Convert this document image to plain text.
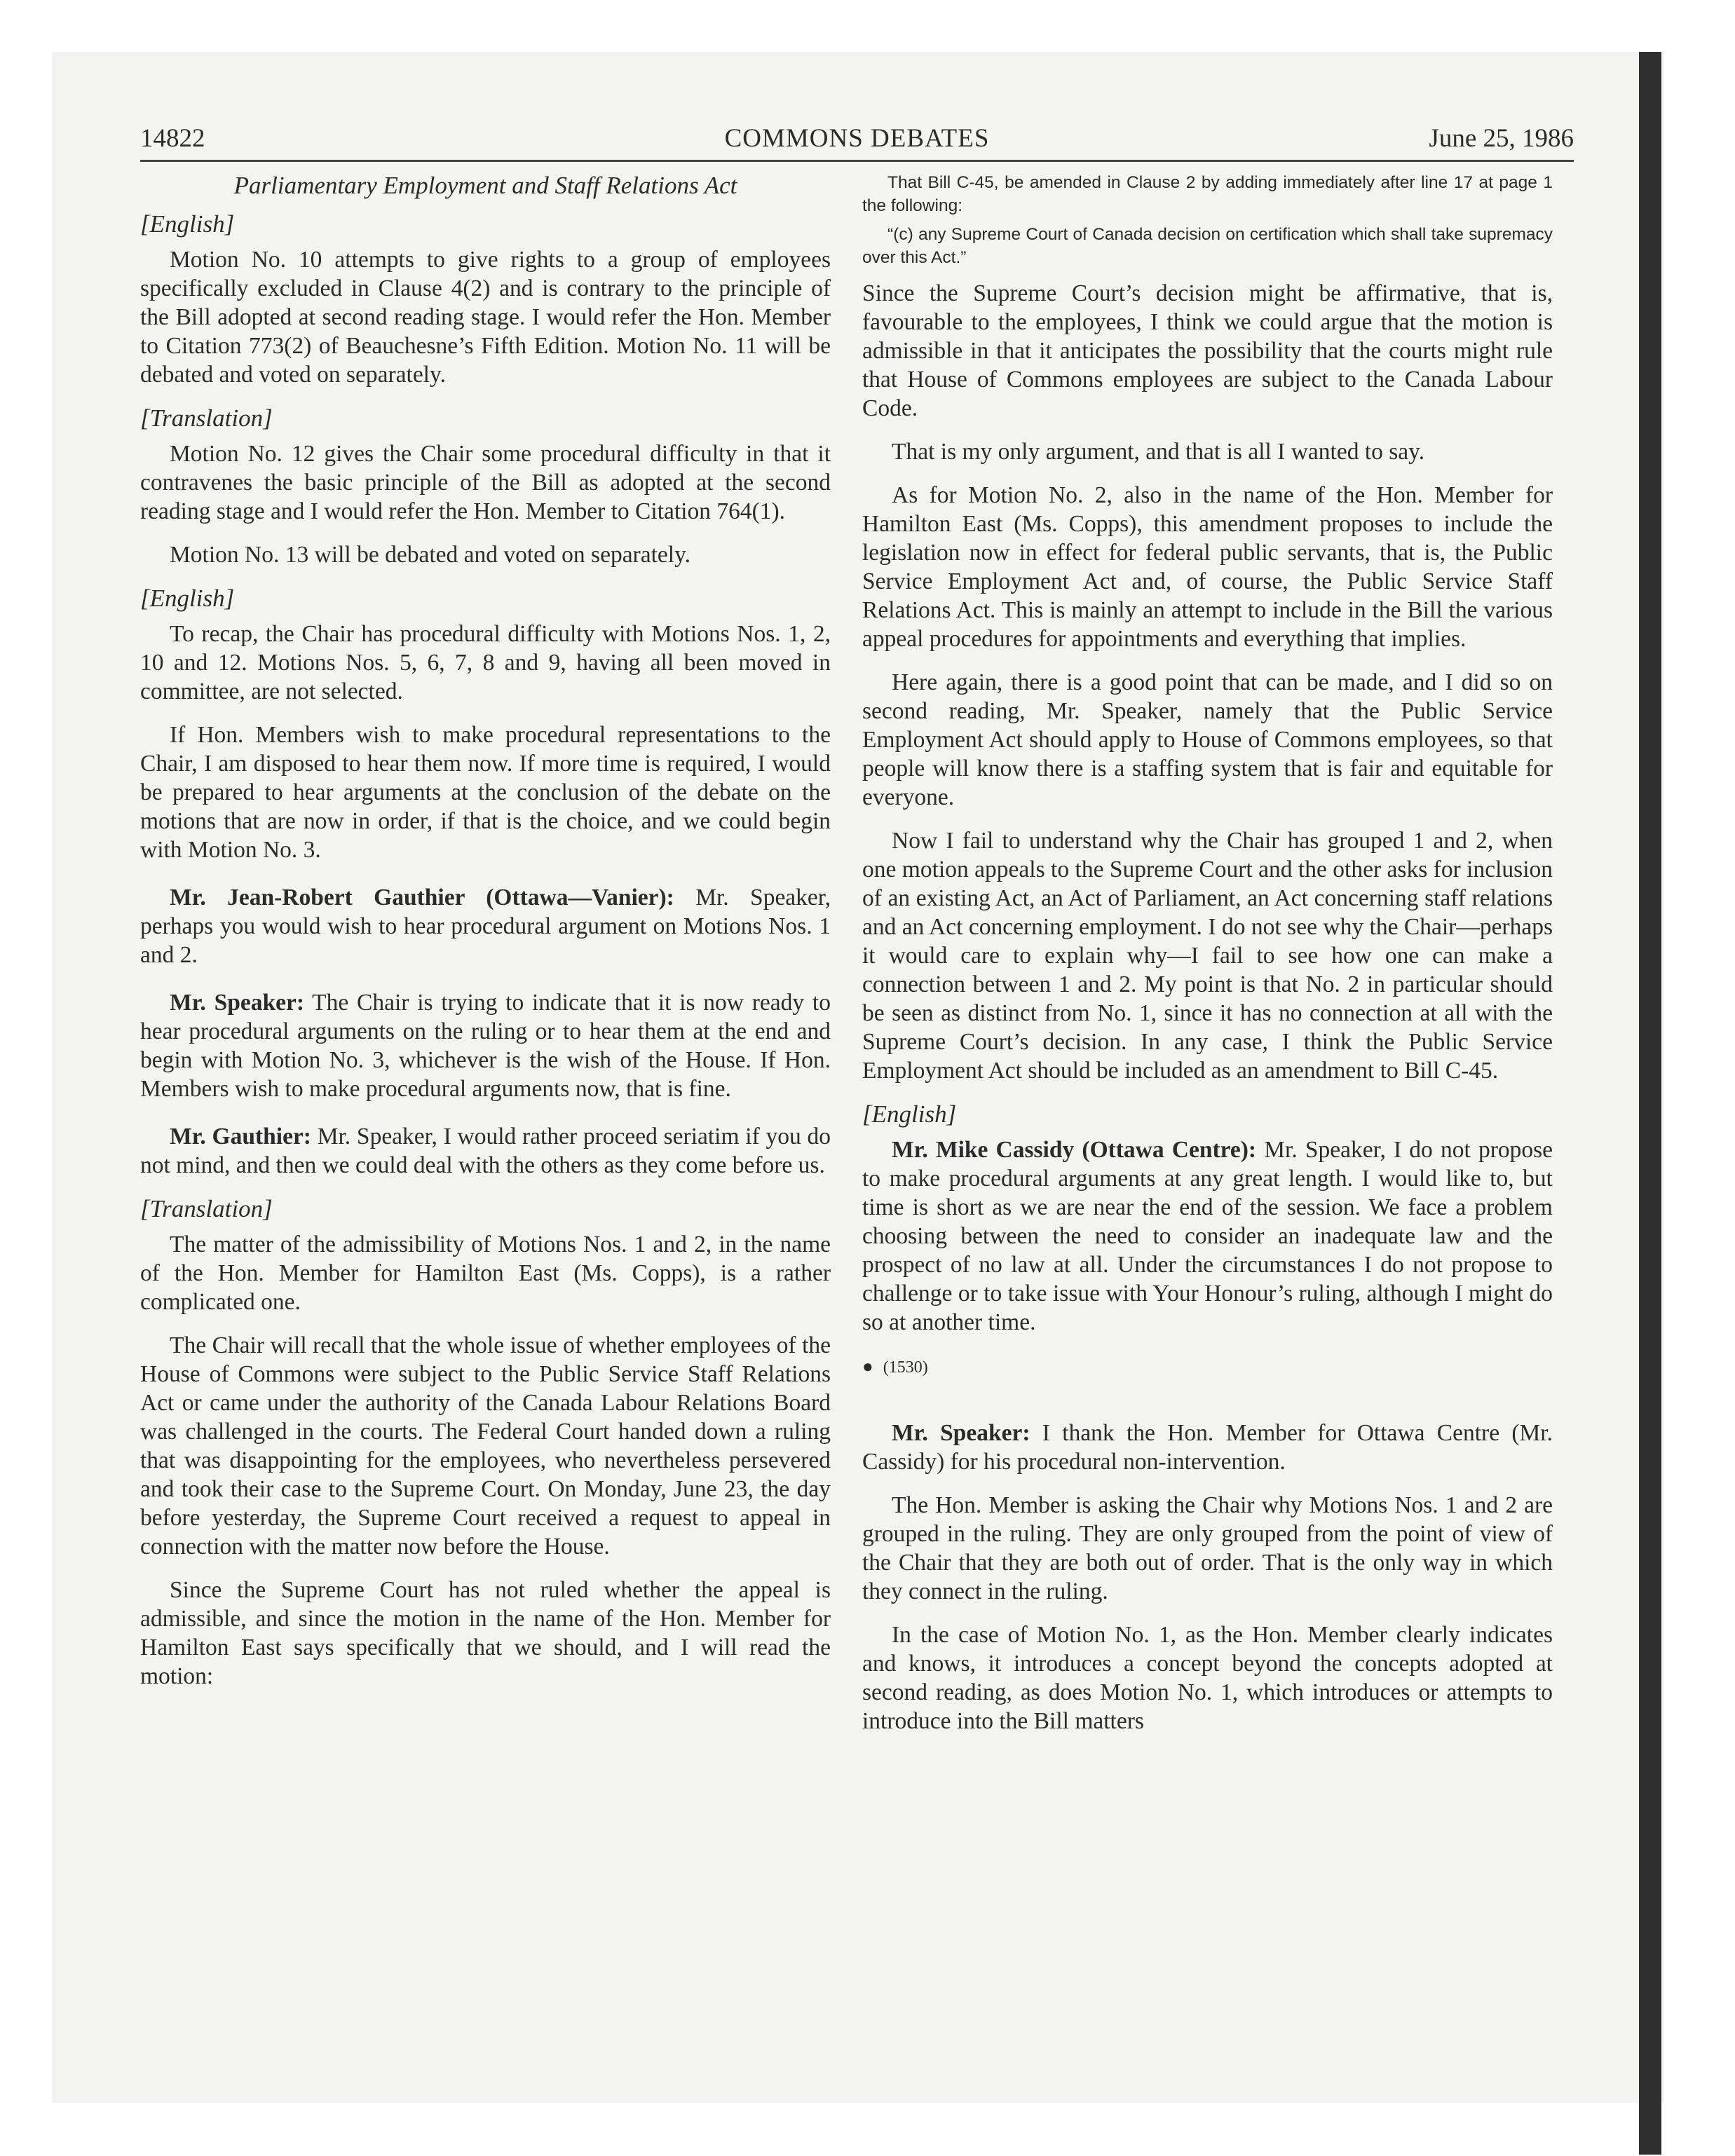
14822	COMMONS DEBATES	June 25, 1986
Parliamentary Employment and Staff Relations Act
[English]

Motion No. 10 attempts to give rights to a group of employees specifically excluded in Clause 4(2) and is contrary to the principle of the Bill adopted at second reading stage. I would refer the Hon. Member to Citation 773(2) of Beauchesne’s Fifth Edition. Motion No. 11 will be debated and voted on separately.

[Translation]

Motion No. 12 gives the Chair some procedural difficulty in that it contravenes the basic principle of the Bill as adopted at the second reading stage and I would refer the Hon. Member to Citation 764(1).

Motion No. 13 will be debated and voted on separately.

[English]

To recap, the Chair has procedural difficulty with Motions Nos. 1, 2, 10 and 12. Motions Nos. 5, 6, 7, 8 and 9, having all been moved in committee, are not selected.

If Hon. Members wish to make procedural representations to the Chair, I am disposed to hear them now. If more time is required, I would be prepared to hear arguments at the conclusion of the debate on the motions that are now in order, if that is the choice, and we could begin with Motion No. 3.

Mr. Jean-Robert Gauthier (Ottawa—Vanier): Mr. Speaker, perhaps you would wish to hear procedural argument on Motions Nos. 1 and 2.

Mr. Speaker: The Chair is trying to indicate that it is now ready to hear procedural arguments on the ruling or to hear them at the end and begin with Motion No. 3, whichever is the wish of the House. If Hon. Members wish to make procedural arguments now, that is fine.

Mr. Gauthier: Mr. Speaker, I would rather proceed seriatim if you do not mind, and then we could deal with the others as they come before us.

[Translation]

The matter of the admissibility of Motions Nos. 1 and 2, in the name of the Hon. Member for Hamilton East (Ms. Copps), is a rather complicated one.

The Chair will recall that the whole issue of whether employees of the House of Commons were subject to the Public Service Staff Relations Act or came under the authority of the Canada Labour Relations Board was challenged in the courts. The Federal Court handed down a ruling that was disappointing for the employees, who nevertheless persevered and took their case to the Supreme Court. On Monday, June 23, the day before yesterday, the Supreme Court received a request to appeal in connection with the matter now before the House.

Since the Supreme Court has not ruled whether the appeal is admissible, and since the motion in the name of the Hon. Member for Hamilton East says specifically that we should, and I will read the motion:

That Bill C-45, be amended in Clause 2 by adding immediately after line 17 at page 1 the following:

“(c) any Supreme Court of Canada decision on certification which shall take supremacy over this Act.”

Since the Supreme Court’s decision might be affirmative, that is, favourable to the employees, I think we could argue that the motion is admissible in that it anticipates the possibility that the courts might rule that House of Commons employees are subject to the Canada Labour Code.

That is my only argument, and that is all I wanted to say.

As for Motion No. 2, also in the name of the Hon. Member for Hamilton East (Ms. Copps), this amendment proposes to include the legislation now in effect for federal public servants, that is, the Public Service Employment Act and, of course, the Public Service Staff Relations Act. This is mainly an attempt to include in the Bill the various appeal procedures for appointments and everything that implies.

Here again, there is a good point that can be made, and I did so on second reading, Mr. Speaker, namely that the Public Service Employment Act should apply to House of Commons employees, so that people will know there is a staffing system that is fair and equitable for everyone.

Now I fail to understand why the Chair has grouped 1 and 2, when one motion appeals to the Supreme Court and the other asks for inclusion of an existing Act, an Act of Parliament, an Act concerning staff relations and an Act concerning employment. I do not see why the Chair—perhaps it would care to explain why—I fail to see how one can make a connection between 1 and 2. My point is that No. 2 in particular should be seen as distinct from No. 1, since it has no connection at all with the Supreme Court’s decision. In any case, I think the Public Service Employment Act should be included as an amendment to Bill C-45.

[English]

Mr. Mike Cassidy (Ottawa Centre): Mr. Speaker, I do not propose to make procedural arguments at any great length. I would like to, but time is short as we are near the end of the session. We face a problem choosing between the need to consider an inadequate law and the prospect of no law at all. Under the circumstances I do not propose to challenge or to take issue with Your Honour’s ruling, although I might do so at another time.

● (1530)

Mr. Speaker: I thank the Hon. Member for Ottawa Centre (Mr. Cassidy) for his procedural non-intervention.

The Hon. Member is asking the Chair why Motions Nos. 1 and 2 are grouped in the ruling. They are only grouped from the point of view of the Chair that they are both out of order. That is the only way in which they connect in the ruling.

In the case of Motion No. 1, as the Hon. Member clearly indicates and knows, it introduces a concept beyond the concepts adopted at second reading, as does Motion No. 1, which introduces or attempts to introduce into the Bill matters
